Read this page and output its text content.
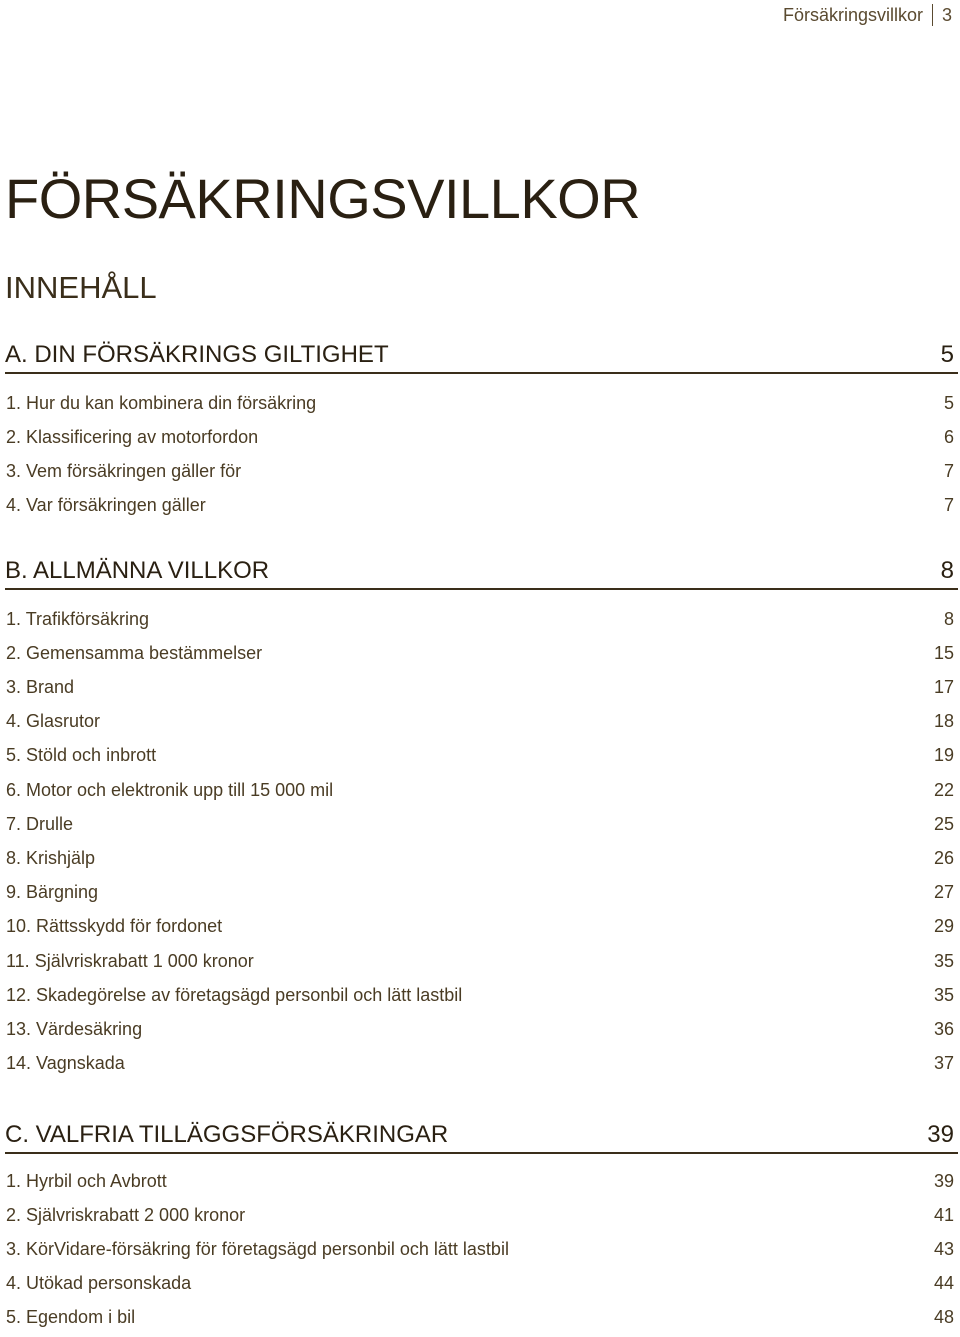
Försäkringsvillkor 3
FÖRSÄKRINGSVILLKOR
INNEHÅLL
A. DIN FÖRSÄKRINGS GILTIGHET	5
1. Hur du kan kombinera din försäkring	5
2. Klassificering av motorfordon	6
3. Vem försäkringen gäller för	7
4. Var försäkringen gäller	7
B. ALLMÄNNA VILLKOR	8
1. Trafikförsäkring	8
2. Gemensamma bestämmelser	15
3. Brand	17
4. Glasrutor	18
5. Stöld och inbrott	19
6. Motor och elektronik upp till 15 000 mil	22
7. Drulle	25
8. Krishjälp	26
9. Bärgning	27
10. Rättsskydd för fordonet	29
11. Självriskrabatt 1 000 kronor	35
12. Skadegörelse av företagsägd personbil och lätt lastbil	35
13. Värdesäkring	36
14. Vagnskada	37
C. VALFRIA TILLÄGGSFÖRSÄKRINGAR	39
1. Hyrbil och Avbrott	39
2. Självriskrabatt 2 000 kronor	41
3. KörVidare-försäkring för företagsägd personbil och lätt lastbil	43
4. Utökad personskada	44
5. Egendom i bil	48
